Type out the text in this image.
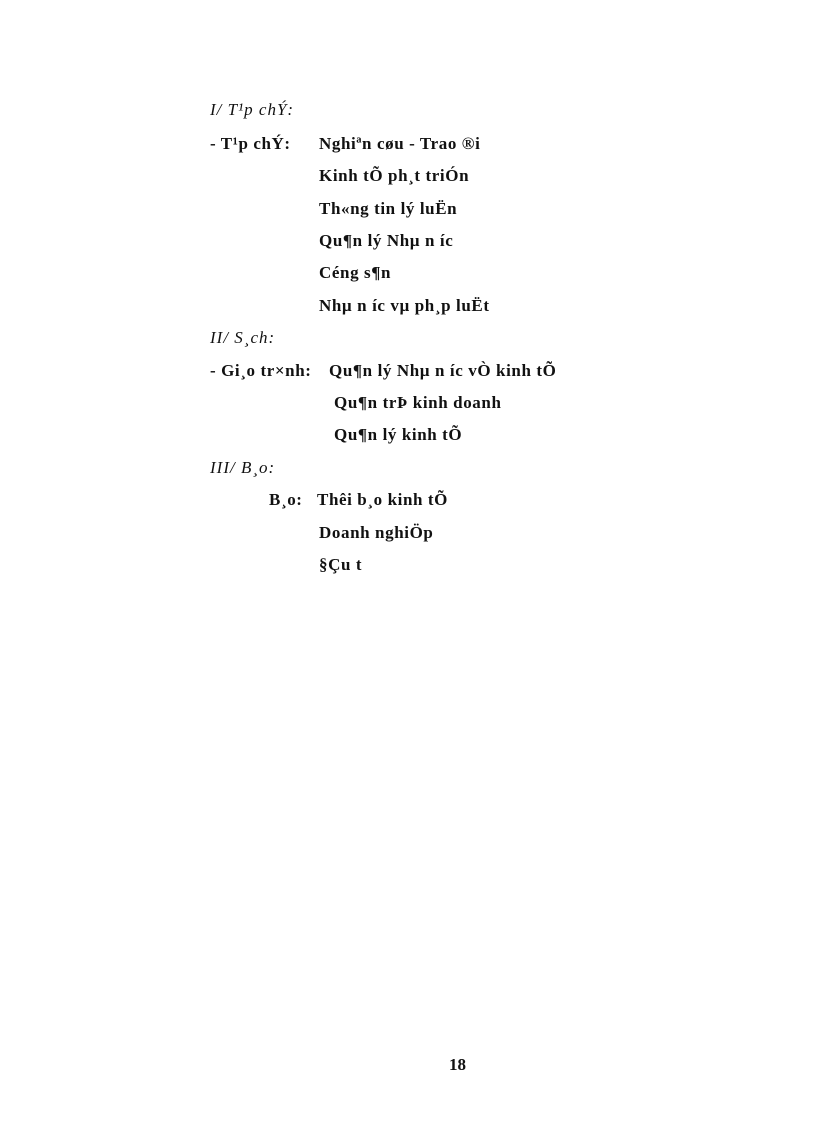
I/ T¹p chÝ:
- T¹p chÝ: Nghiªn cøu - Trao ®i
Kinh tÕ ph¸t triÓn
Th«ng tin lý luËn
Qu¶n lý Nhµ n íc
Céng s¶n
Nhµ n íc vµ ph¸p luËt
II/ S¸ch:
- Gi¸o tr×nh: Qu¶n lý Nhµ n íc vÒ kinh tÕ
Qu¶n trÞ kinh doanh
Qu¶n lý kinh tÕ
III/ B¸o:
B¸o: Thêi b¸o kinh tÕ
Doanh nghiÖp
§Çu t
18
